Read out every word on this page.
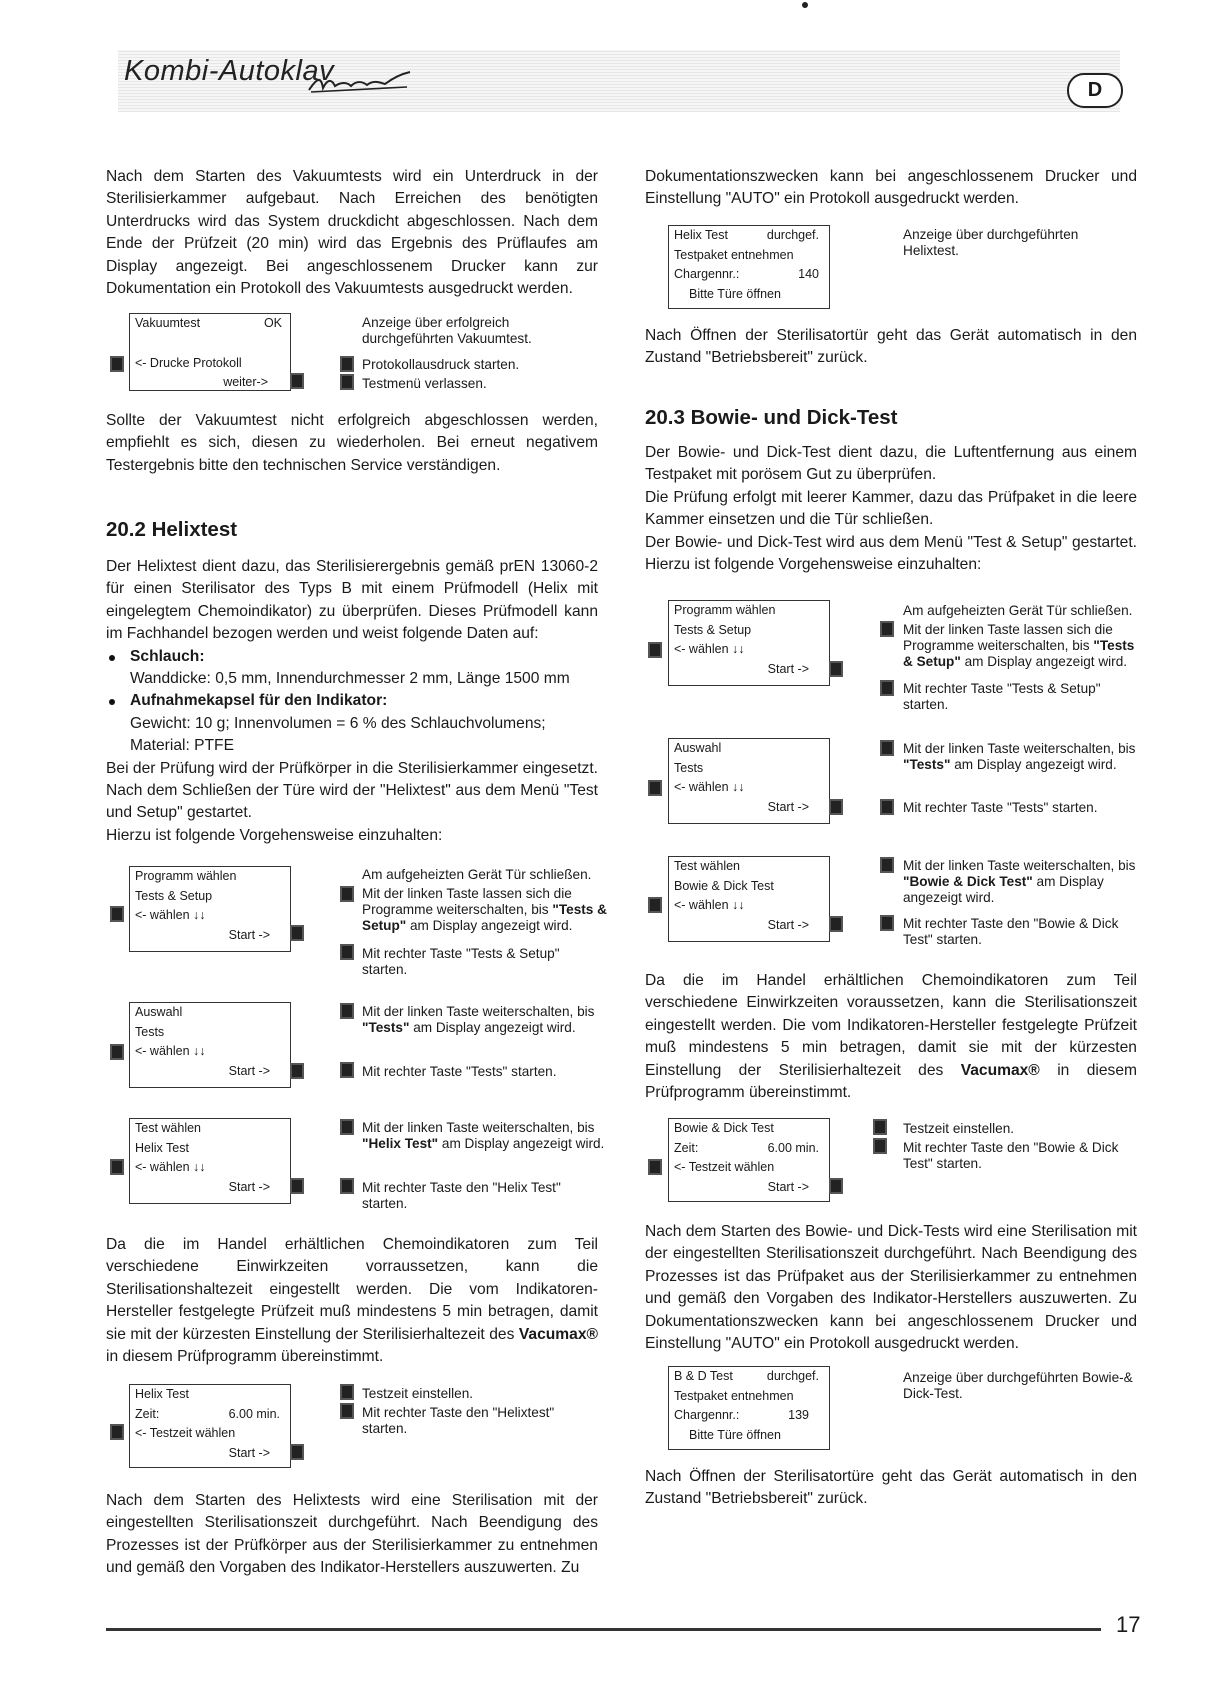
Kombi-Autoklav
D

Nach dem Starten des Vakuumtests wird ein Unterdruck in der Sterilisierkammer aufgebaut. Nach Erreichen des benötigten Unterdrucks wird das System druckdicht abgeschlossen. Nach dem Ende der Prüfzeit (20 min) wird das Ergebnis des Prüflaufes am Display angezeigt. Bei angeschlossenem Drucker kann zur Dokumentation ein Protokoll des Vakuumtests ausgedruckt werden.

Vakuumtest	OK
<- Drucke Protokoll
weiter->
Anzeige über erfolgreich durchgeführten Vakuumtest.
Protokollausdruck starten.
Testmenü verlassen.

Sollte der Vakuumtest nicht erfolgreich abgeschlossen werden, empfiehlt es sich, diesen zu wiederholen. Bei erneut negativem Testergebnis bitte den technischen Service verständigen.

20.2 Helixtest

Der Helixtest dient dazu, das Sterilisierergebnis gemäß prEN 13060-2 für einen Sterilisator des Typs B mit einem Prüfmodell (Helix mit eingelegtem Chemoindikator) zu überprüfen. Dieses Prüfmodell kann im Fachhandel bezogen werden und weist folgende Daten auf:

Schlauch:
Wanddicke: 0,5 mm, Innendurchmesser 2 mm, Länge 1500 mm
Aufnahmekapsel für den Indikator:
Gewicht: 10 g; Innenvolumen = 6 % des Schlauchvolumens;
Material: PTFE

Bei der Prüfung wird der Prüfkörper in die Sterilisierkammer eingesetzt. Nach dem Schließen der Türe wird der "Helixtest" aus dem Menü "Test und Setup" gestartet.

Hierzu ist folgende Vorgehensweise einzuhalten:

Programm wählen
Tests & Setup
<- wählen ↓↓
Start ->
Am aufgeheizten Gerät Tür schließen.
Mit der linken Taste lassen sich die Programme weiterschalten, bis "Tests & Setup" am Display angezeigt wird.
Mit rechter Taste "Tests & Setup" starten.
Auswahl
Tests
<- wählen ↓↓
Start ->
Mit der linken Taste weiterschalten, bis "Tests" am Display angezeigt wird.
Mit rechter Taste "Tests" starten.
Test wählen
Helix Test
<- wählen ↓↓
Start ->
Mit der linken Taste weiterschalten, bis "Helix Test" am Display angezeigt wird.
Mit rechter Taste den "Helix Test" starten.

Da die im Handel erhältlichen Chemoindikatoren zum Teil verschiedene Einwirkzeiten vorraussetzen, kann die Sterilisationshaltezeit eingestellt werden. Die vom Indikatoren-Hersteller festgelegte Prüfzeit muß mindestens 5 min betragen, damit sie mit der kürzesten Einstellung der Sterilisierhaltezeit des Vacumax® in diesem Prüfprogramm übereinstimmt.

Helix Test
Zeit:	6.00 min.
<- Testzeit wählen
Start ->
Testzeit einstellen.
Mit rechter Taste den "Helixtest" starten.

Nach dem Starten des Helixtests wird eine Sterilisation mit der eingestellten Sterilisationszeit durchgeführt. Nach Beendigung des Prozesses ist der Prüfkörper aus der Sterilisierkammer zu entnehmen und gemäß den Vorgaben des Indikator-Herstellers auszuwerten. Zu

Dokumentationszwecken kann bei angeschlossenem Drucker und Einstellung "AUTO" ein Protokoll ausgedruckt werden.

Helix Test	durchgef.
Testpaket entnehmen
Chargennr.:	140
Bitte Türe öffnen
Anzeige über durchgeführten Helixtest.

Nach Öffnen der Sterilisatortür geht das Gerät automatisch in den Zustand "Betriebsbereit" zurück.

20.3 Bowie- und Dick-Test

Der Bowie- und Dick-Test dient dazu, die Luftentfernung aus einem Testpaket mit porösem Gut zu überprüfen.

Die Prüfung erfolgt mit leerer Kammer, dazu das Prüfpaket in die leere Kammer einsetzen und die Tür schließen.

Der Bowie- und Dick-Test wird aus dem Menü "Test & Setup" gestartet. Hierzu ist folgende Vorgehensweise einzuhalten:

Programm wählen
Tests & Setup
<- wählen ↓↓
Start ->
Am aufgeheizten Gerät Tür schließen.
Mit der linken Taste lassen sich die Programme weiterschalten, bis "Tests & Setup" am Display angezeigt wird.
Mit rechter Taste "Tests & Setup" starten.
Auswahl
Tests
<- wählen ↓↓
Start ->
Mit der linken Taste weiterschalten, bis "Tests" am Display angezeigt wird.
Mit rechter Taste "Tests" starten.
Test wählen
Bowie & Dick Test
<- wählen ↓↓
Start ->
Mit der linken Taste weiterschalten, bis "Bowie & Dick Test" am Display angezeigt wird.
Mit rechter Taste den "Bowie & Dick Test" starten.

Da die im Handel erhältlichen Chemoindikatoren zum Teil verschiedene Einwirkzeiten voraussetzen, kann die Sterilisationszeit eingestellt werden. Die vom Indikatoren-Hersteller festgelegte Prüfzeit muß mindestens 5 min betragen, damit sie mit der kürzesten Einstellung der Sterilisierhaltezeit des Vacumax® in diesem Prüfprogramm übereinstimmt.

Bowie & Dick Test
Zeit:	6.00 min.
<- Testzeit wählen
Start ->
Testzeit einstellen.
Mit rechter Taste den "Bowie & Dick Test" starten.

Nach dem Starten des Bowie- und Dick-Tests wird eine Sterilisation mit der eingestellten Sterilisationszeit durchgeführt. Nach Beendigung des Prozesses ist das Prüfpaket aus der Sterilisierkammer zu entnehmen und gemäß den Vorgaben des Indikator-Herstellers auszuwerten. Zu Dokumentationszwecken kann bei angeschlossenem Drucker und Einstellung "AUTO" ein Protokoll ausgedruckt werden.

B & D Test	durchgef.
Testpaket entnehmen
Chargennr.:	139
Bitte Türe öffnen
Anzeige über durchgeführten Bowie-& Dick-Test.

Nach Öffnen der Sterilisatortüre geht das Gerät automatisch in den Zustand "Betriebsbereit" zurück.

17
